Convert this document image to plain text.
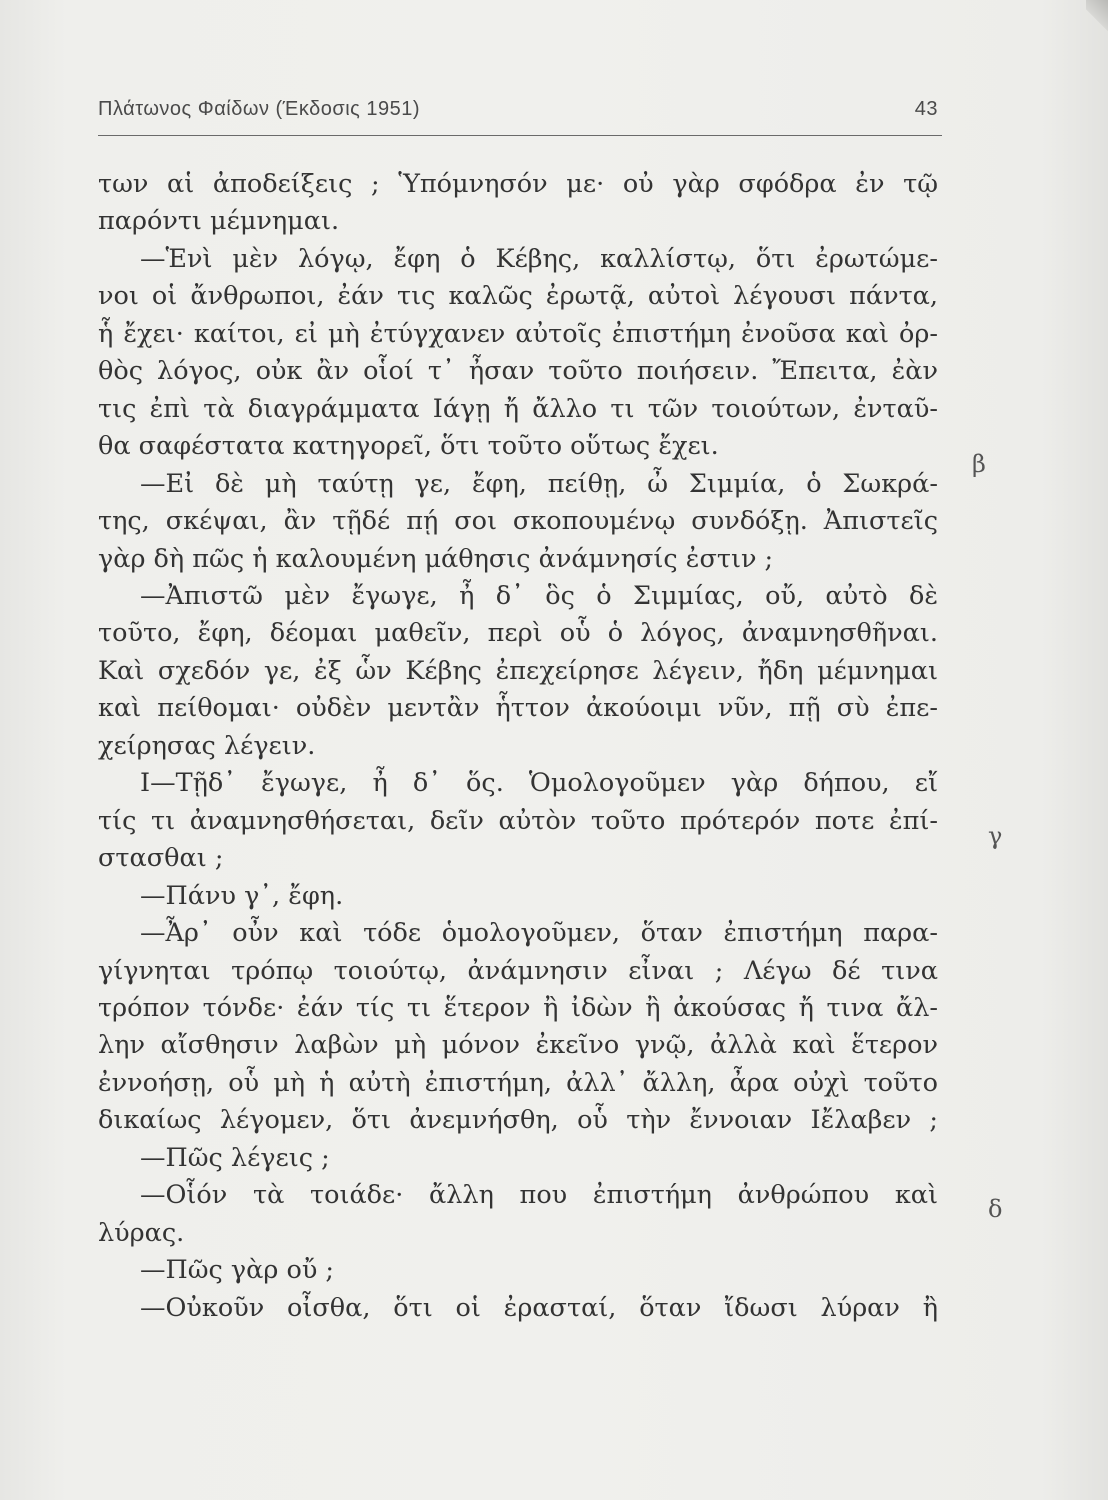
Πλάτωνος Φαίδων (Έκδοσις 1951)	43
των αἱ ἀποδείξεις ; Ὑπόμνησόν με· οὐ γὰρ σφόδρα ἐν τῷ
παρόντι μέμνημαι.
—Ἑνὶ μὲν λόγῳ, ἔφη ὁ Κέβης, καλλίστῳ, ὅτι ἐρωτώμε-
νοι οἱ ἄνθρωποι, ἐάν τις καλῶς ἐρωτᾷ, αὐτοὶ λέγουσι πάντα,
ἧ ἔχει· καίτοι, εἰ μὴ ἐτύγχανεν αὐτοῖς ἐπιστήμη ἐνοῦσα καὶ ὀρ-
θὸς λόγος, οὐκ ἂν οἷοί τ᾽ ἦσαν τοῦτο ποιήσειν. Ἔπειτα, ἐὰν
τις ἐπὶ τὰ διαγράμματα Ιάγῃ ἤ ἄλλο τι τῶν τοιούτων, ἐνταῦ-
θα σαφέστατα κατηγορεῖ, ὅτι τοῦτο οὕτως ἔχει.
—Εἰ δὲ μὴ ταύτῃ γε, ἔφη, πείθῃ, ὦ Σιμμία, ὁ Σωκρά-
της, σκέψαι, ἂν τῇδέ πῄ σοι σκοπουμένῳ συνδόξῃ. Ἀπιστεῖς
γὰρ δὴ πῶς ἡ καλουμένη μάθησις ἀνάμνησίς ἐστιν ;
—Ἀπιστῶ μὲν ἔγωγε, ἦ δ᾽ ὃς ὁ Σιμμίας, οὔ, αὐτὸ δὲ
τοῦτο, ἔφη, δέομαι μαθεῖν, περὶ οὗ ὁ λόγος, ἀναμνησθῆναι.
Καὶ σχεδόν γε, ἐξ ὧν Κέβης ἐπεχείρησε λέγειν, ἤδη μέμνημαι
καὶ πείθομαι· οὐδὲν μεντἂν ἧττον ἀκούοιμι νῦν, πῇ σὺ ἐπε-
χείρησας λέγειν.
Ι—Τῇδ᾽ ἔγωγε, ἦ δ᾽ ὅς. Ὁμολογοῦμεν γὰρ δήπου, εἴ
τίς τι ἀναμνησθήσεται, δεῖν αὐτὸν τοῦτο πρότερόν ποτε ἐπί-
στασθαι ;
—Πάνυ γ᾽, ἔφη.
—Ἆρ᾽ οὖν καὶ τόδε ὁμολογοῦμεν, ὅταν ἐπιστήμη παρα-
γίγνηται τρόπῳ τοιούτῳ, ἀνάμνησιν εἶναι ; Λέγω δέ τινα
τρόπον τόνδε· ἐάν τίς τι ἕτερον ἢ ἰδὼν ἢ ἀκούσας ἤ τινα ἄλ-
λην αἴσθησιν λαβὼν μὴ μόνον ἐκεῖνο γνῷ, ἀλλὰ καὶ ἕτερον
ἐννοήσῃ, οὗ μὴ ἡ αὐτὴ ἐπιστήμη, ἀλλ᾽ ἄλλη, ἆρα οὐχὶ τοῦτο
δικαίως λέγομεν, ὅτι ἀνεμνήσθη, οὗ τὴν ἔννοιαν Ιἔλαβεν ;
—Πῶς λέγεις ;
—Οἷόν τὰ τοιάδε· ἄλλη που ἐπιστήμη ἀνθρώπου καὶ
λύρας.
—Πῶς γὰρ οὔ ;
—Οὐκοῦν οἶσθα, ὅτι οἱ ἐρασταί, ὅταν ἴδωσι λύραν ἢ
β
γ
δ
